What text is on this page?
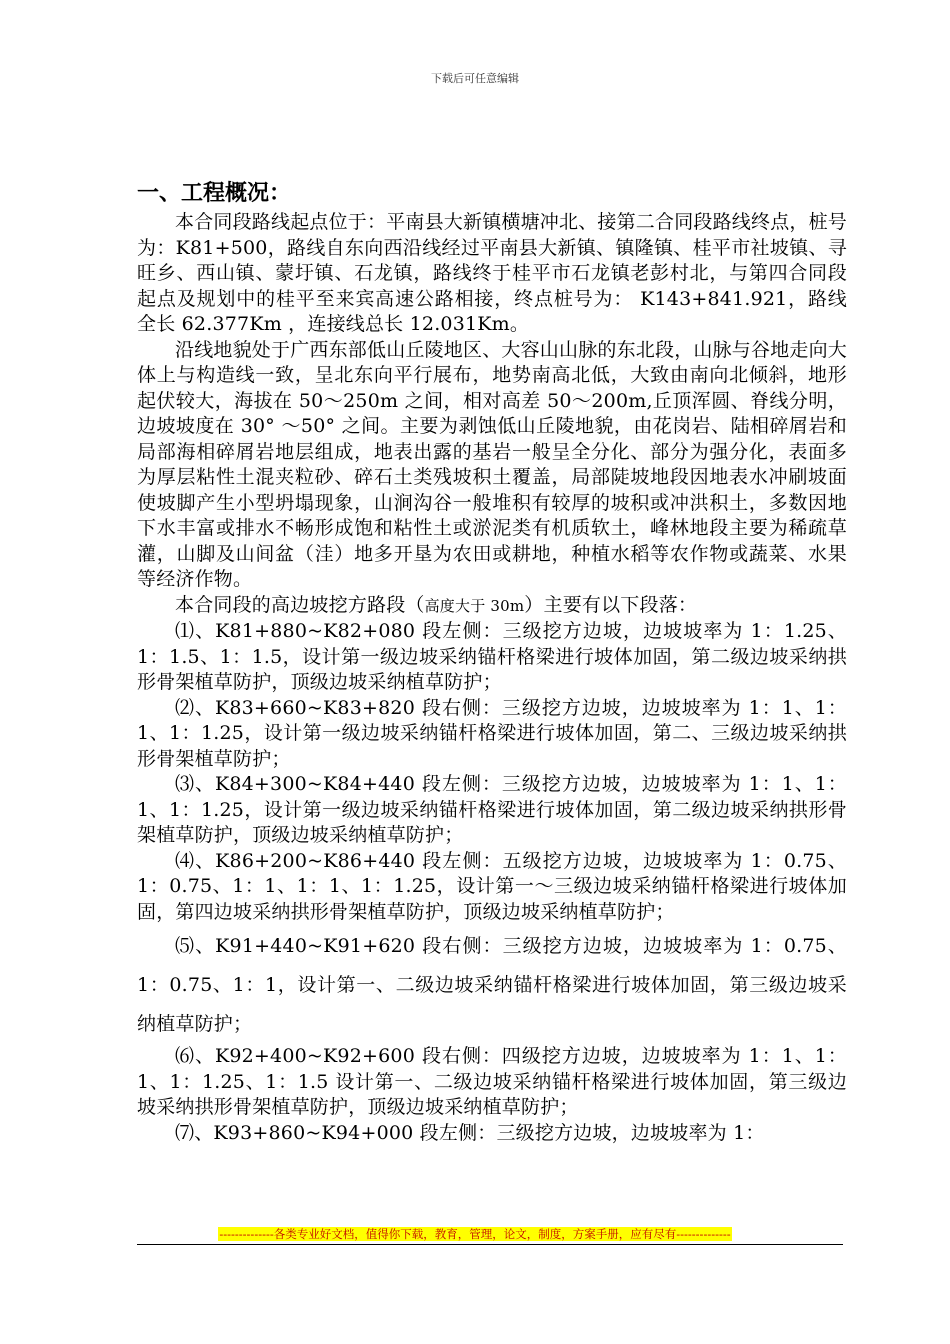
下载后可任意编辑
一、工程概况：

本合同段路线起点位于：平南县大新镇横塘冲北、接第二合同段路线终点，桩号为：K81+500，路线自东向西沿线经过平南县大新镇、镇隆镇、桂平市社坡镇、寻旺乡、西山镇、蒙圩镇、石龙镇，路线终于桂平市石龙镇老彭村北，与第四合同段起点及规划中的桂平至来宾高速公路相接，终点桩号为： K143+841.921，路线全长 62.377Km ，连接线总长 12.031Km。

沿线地貌处于广西东部低山丘陵地区、大容山山脉的东北段，山脉与谷地走向大体上与构造线一致，呈北东向平行展布，地势南高北低，大致由南向北倾斜，地形起伏较大，海拔在 50～250m 之间，相对高差 50～200m,丘顶浑圆、脊线分明，边坡坡度在 30° ～50° 之间。主要为剥蚀低山丘陵地貌，由花岗岩、陆相碎屑岩和局部海相碎屑岩地层组成，地表出露的基岩一般呈全分化、部分为强分化，表面多为厚层粘性土混夹粒砂、碎石土类残坡积土覆盖，局部陡坡地段因地表水冲刷坡面使坡脚产生小型坍塌现象，山涧沟谷一般堆积有较厚的坡积或冲洪积土，多数因地下水丰富或排水不畅形成饱和粘性土或淤泥类有机质软土，峰林地段主要为稀疏草灌，山脚及山间盆（洼）地多开垦为农田或耕地，种植水稻等农作物或蔬菜、水果等经济作物。

本合同段的高边坡挖方路段（高度大于 30m）主要有以下段落：

⑴、K81+880~K82+080 段左侧：三级挖方边坡，边坡坡率为 1：1.25、1：1.5、1：1.5，设计第一级边坡采纳锚杆格梁进行坡体加固，第二级边坡采纳拱形骨架植草防护，顶级边坡采纳植草防护；

⑵、K83+660~K83+820 段右侧：三级挖方边坡，边坡坡率为 1：1、1：1、1：1.25，设计第一级边坡采纳锚杆格梁进行坡体加固，第二、三级边坡采纳拱形骨架植草防护；

⑶、K84+300~K84+440 段左侧：三级挖方边坡，边坡坡率为 1：1、1：1、1：1.25，设计第一级边坡采纳锚杆格梁进行坡体加固，第二级边坡采纳拱形骨架植草防护，顶级边坡采纳植草防护；

⑷、K86+200~K86+440 段左侧：五级挖方边坡，边坡坡率为 1：0.75、1：0.75、1：1、1：1、1：1.25，设计第一～三级边坡采纳锚杆格梁进行坡体加固，第四边坡采纳拱形骨架植草防护，顶级边坡采纳植草防护；

⑸、K91+440~K91+620 段右侧：三级挖方边坡，边坡坡率为 1：0.75、1：0.75、1：1，设计第一、二级边坡采纳锚杆格梁进行坡体加固，第三级边坡采纳植草防护；

⑹、K92+400~K92+600 段右侧：四级挖方边坡，边坡坡率为 1：1、1：1、1：1.25、1：1.5 设计第一、二级边坡采纳锚杆格梁进行坡体加固，第三级边坡采纳拱形骨架植草防护，顶级边坡采纳植草防护；

⑺、K93+860~K94+000 段左侧：三级挖方边坡，边坡坡率为 1：

--------------各类专业好文档，值得你下载，教育，管理，论文，制度，方案手册，应有尽有--------------
